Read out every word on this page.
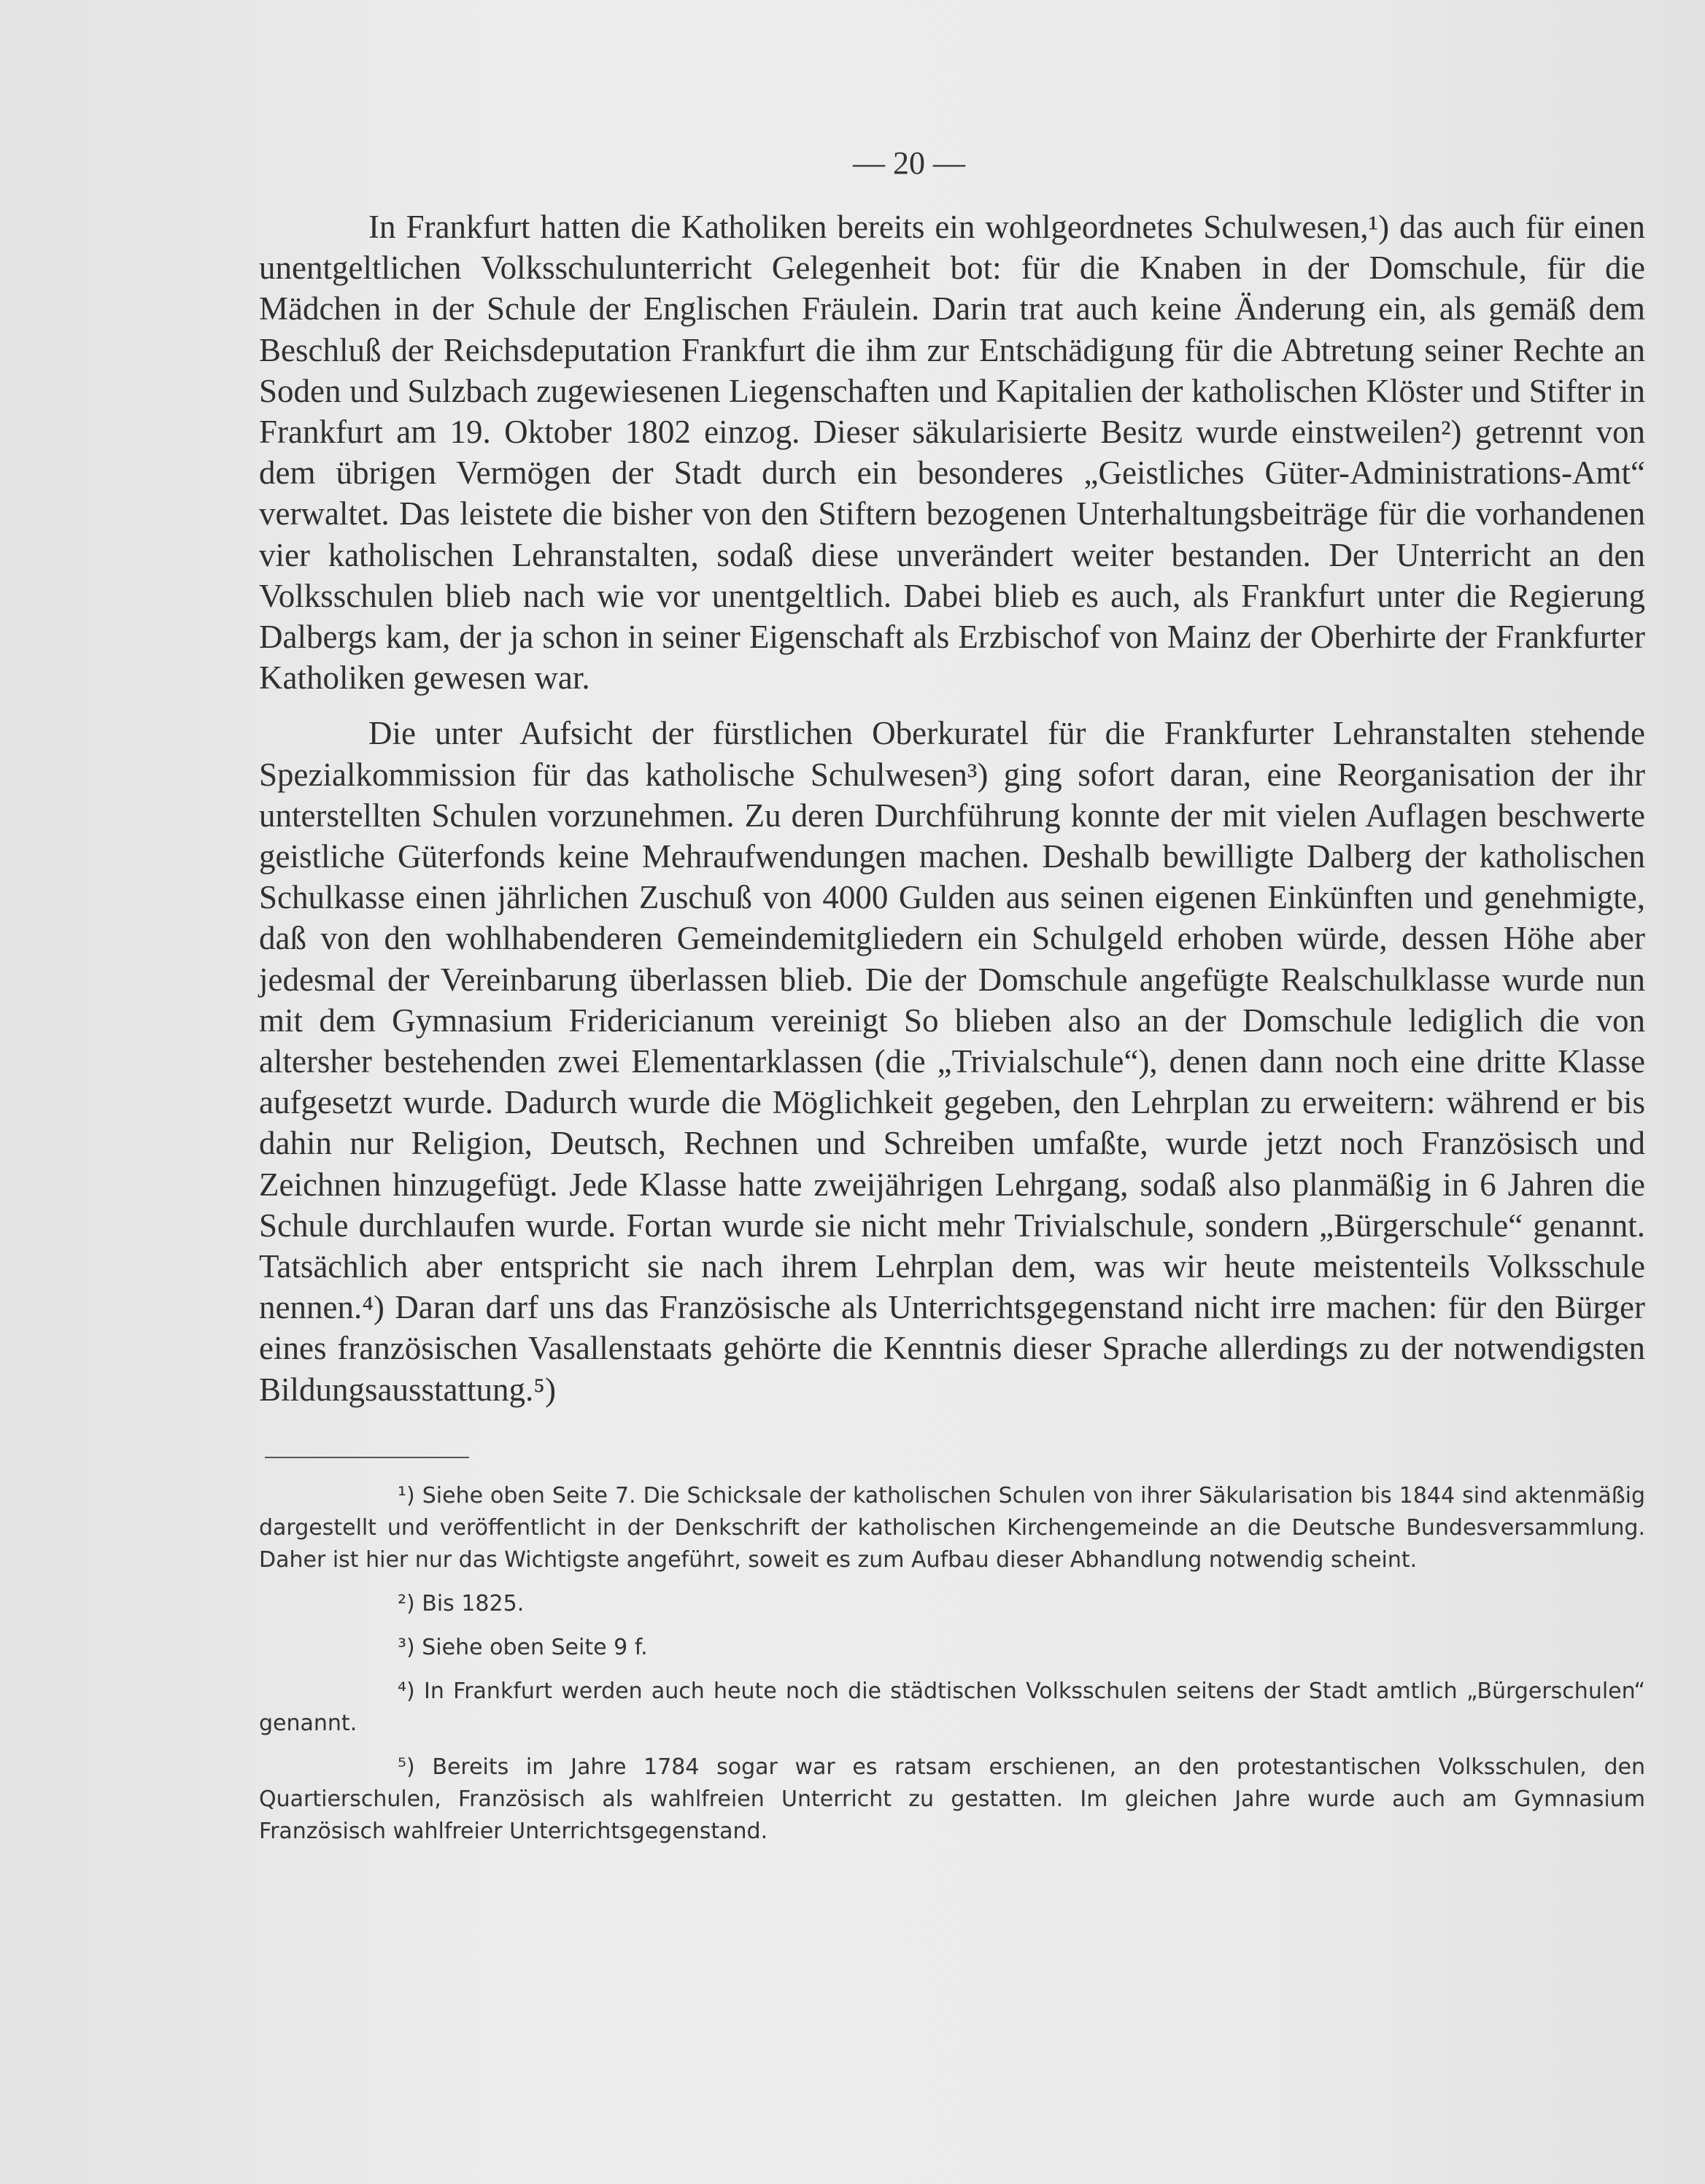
— 20 —

In Frankfurt hatten die Katholiken bereits ein wohlgeordnetes Schulwesen,¹) das auch für einen unentgeltlichen Volksschulunterricht Gelegenheit bot: für die Knaben in der Domschule, für die Mädchen in der Schule der Englischen Fräulein. Darin trat auch keine Änderung ein, als gemäß dem Beschluß der Reichsdeputation Frankfurt die ihm zur Entschädigung für die Abtretung seiner Rechte an Soden und Sulzbach zugewiesenen Liegenschaften und Kapitalien der katholischen Klöster und Stifter in Frankfurt am 19. Oktober 1802 einzog. Dieser säkularisierte Besitz wurde einstweilen²) getrennt von dem übrigen Vermögen der Stadt durch ein besonderes „Geistliches Güter-Administrations-Amt“ verwaltet. Das leistete die bisher von den Stiftern bezogenen Unterhaltungsbeiträge für die vorhandenen vier katholischen Lehranstalten, sodaß diese unverändert weiter bestanden. Der Unterricht an den Volksschulen blieb nach wie vor unentgeltlich. Dabei blieb es auch, als Frankfurt unter die Regierung Dalbergs kam, der ja schon in seiner Eigenschaft als Erzbischof von Mainz der Oberhirte der Frankfurter Katholiken gewesen war.

Die unter Aufsicht der fürstlichen Oberkuratel für die Frankfurter Lehranstalten stehende Spezialkommission für das katholische Schulwesen³) ging sofort daran, eine Reorganisation der ihr unterstellten Schulen vorzunehmen. Zu deren Durchführung konnte der mit vielen Auflagen beschwerte geistliche Güterfonds keine Mehraufwendungen machen. Deshalb bewilligte Dalberg der katholischen Schulkasse einen jährlichen Zuschuß von 4000 Gulden aus seinen eigenen Einkünften und genehmigte, daß von den wohlhabenderen Gemeindemitgliedern ein Schulgeld erhoben würde, dessen Höhe aber jedesmal der Vereinbarung überlassen blieb. Die der Domschule angefügte Realschulklasse wurde nun mit dem Gymnasium Fridericianum vereinigt So blieben also an der Domschule lediglich die von altersher bestehenden zwei Elementarklassen (die „Trivialschule“), denen dann noch eine dritte Klasse aufgesetzt wurde. Dadurch wurde die Möglichkeit gegeben, den Lehrplan zu erweitern: während er bis dahin nur Religion, Deutsch, Rechnen und Schreiben umfaßte, wurde jetzt noch Französisch und Zeichnen hinzugefügt. Jede Klasse hatte zweijährigen Lehrgang, sodaß also planmäßig in 6 Jahren die Schule durchlaufen wurde. Fortan wurde sie nicht mehr Trivialschule, sondern „Bürgerschule“ genannt. Tatsächlich aber entspricht sie nach ihrem Lehrplan dem, was wir heute meistenteils Volksschule nennen.⁴) Daran darf uns das Französische als Unterrichtsgegenstand nicht irre machen: für den Bürger eines französischen Vasallenstaats gehörte die Kenntnis dieser Sprache allerdings zu der notwendigsten Bildungsausstattung.⁵)

¹) Siehe oben Seite 7. Die Schicksale der katholischen Schulen von ihrer Säkularisation bis 1844 sind aktenmäßig dargestellt und veröffentlicht in der Denkschrift der katholischen Kirchengemeinde an die Deutsche Bundesversammlung. Daher ist hier nur das Wichtigste angeführt, soweit es zum Aufbau dieser Abhandlung notwendig scheint.

²) Bis 1825.

³) Siehe oben Seite 9 f.

⁴) In Frankfurt werden auch heute noch die städtischen Volksschulen seitens der Stadt amtlich „Bürgerschulen“ genannt.

⁵) Bereits im Jahre 1784 sogar war es ratsam erschienen, an den protestantischen Volksschulen, den Quartierschulen, Französisch als wahlfreien Unterricht zu gestatten. Im gleichen Jahre wurde auch am Gymnasium Französisch wahlfreier Unterrichtsgegenstand.
